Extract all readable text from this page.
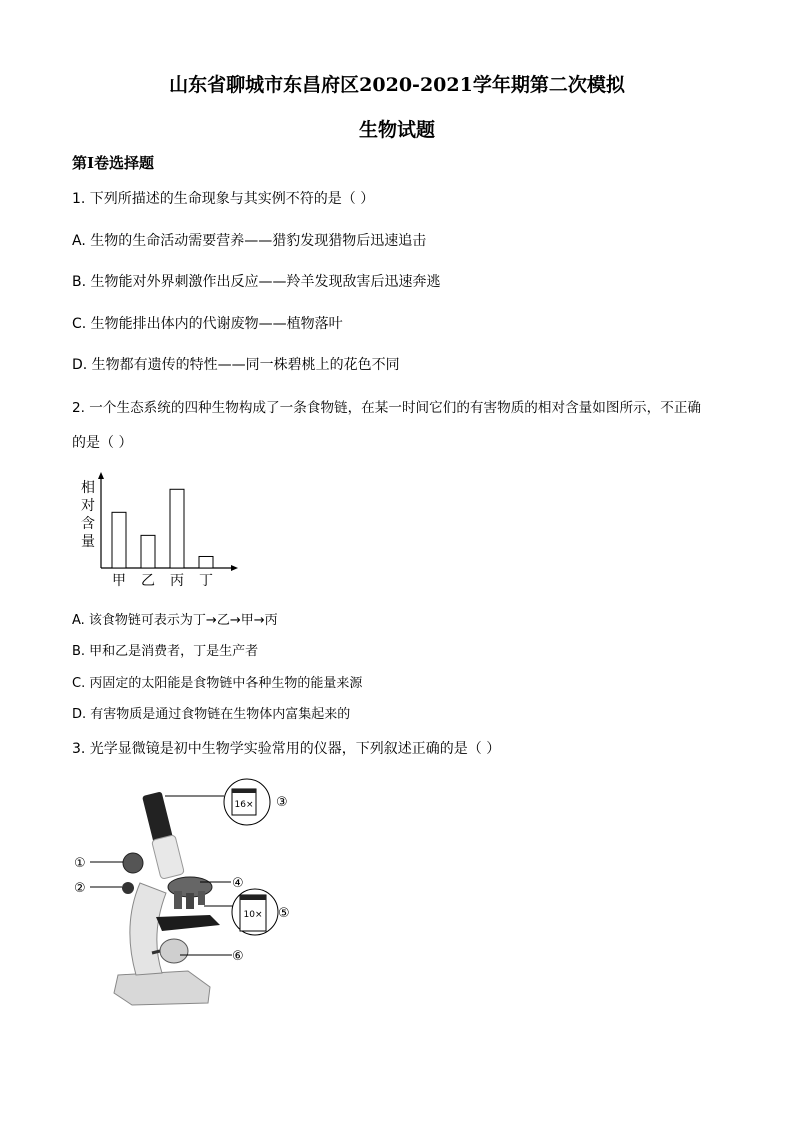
山东省聊城市东昌府区2020-2021学年期第二次模拟
生物试题
第Ⅰ卷选择题
1. 下列所描述的生命现象与其实例不符的是（ ）
A. 生物的生命活动需要营养——猎豹发现猎物后迅速追击
B. 生物能对外界刺激作出反应——羚羊发现敌害后迅速奔逃
C. 生物能排出体内的代谢废物——植物落叶
D. 生物都有遗传的特性——同一株碧桃上的花色不同
2. 一个生态系统的四种生物构成了一条食物链，在某一时间它们的有害物质的相对含量如图所示，不正确
的是（ ）
相
对
含
量
甲 乙 丙 丁
A. 该食物链可表示为丁→乙→甲→丙
B. 甲和乙是消费者，丁是生产者
C. 丙固定的太阳能是食物链中各种生物的能量来源
D. 有害物质是通过食物链在生物体内富集起来的
3. 光学显微镜是初中生物学实验常用的仪器，下列叙述正确的是（ ）
16× ③
④
10× ⑤
⑥
①
②
